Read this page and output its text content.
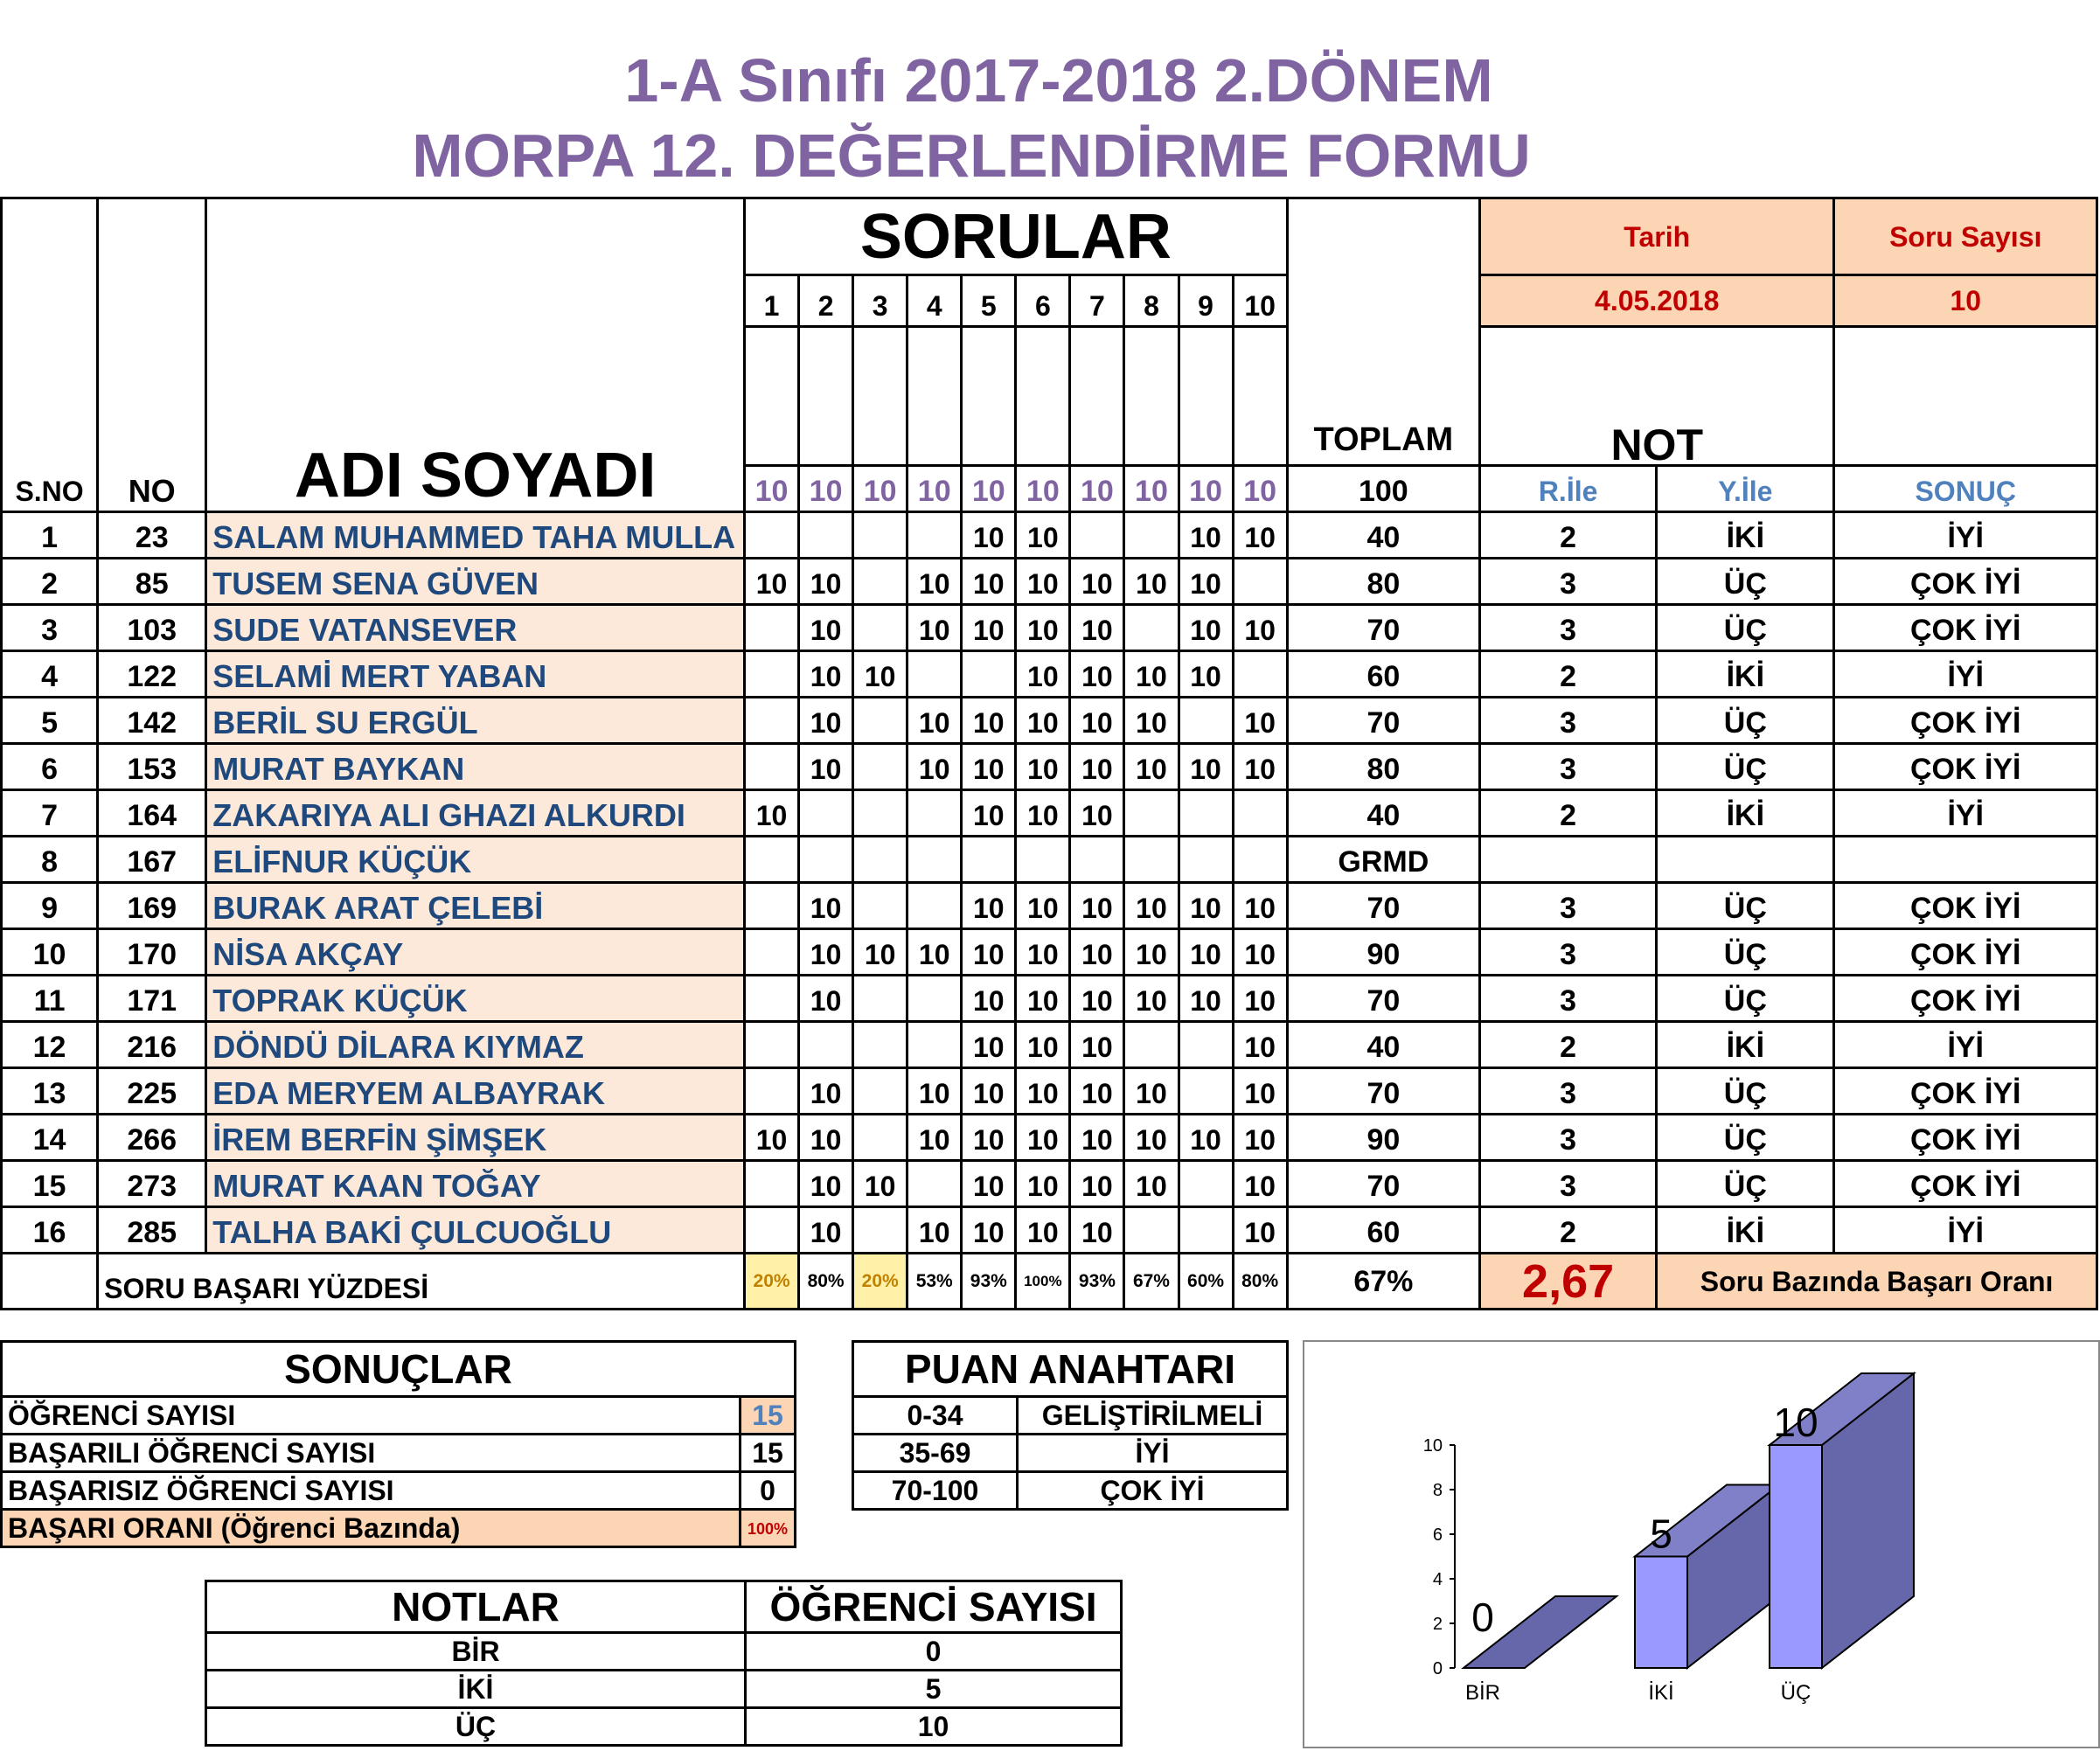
1-A Sınıfı 2017-2018 2.DÖNEM
MORPA 12. DEĞERLENDİRME FORMU
S.NO	NO	ADI SOYADI	SORULAR										TOPLAM	Tarih		Soru Sayısı
			1	2	3	4	5	6	7	8	9	10		4.05.2018		10
														NOT		
			10	10	10	10	10	10	10	10	10	10	100	R.İle	Y.İle	SONUÇ
1	23	SALAM MUHAMMED TAHA MULLA					10	10			10	10	40	2	İKİ	İYİ
2	85	TUSEM SENA GÜVEN	10	10		10	10	10	10	10	10		80	3	ÜÇ	ÇOK İYİ
3	103	SUDE VATANSEVER		10		10	10	10	10		10	10	70	3	ÜÇ	ÇOK İYİ
4	122	SELAMİ MERT YABAN		10	10			10	10	10	10		60	2	İKİ	İYİ
5	142	BERİL SU ERGÜL		10		10	10	10	10	10		10	70	3	ÜÇ	ÇOK İYİ
6	153	MURAT BAYKAN		10		10	10	10	10	10	10	10	80	3	ÜÇ	ÇOK İYİ
7	164	ZAKARIYA ALI GHAZI ALKURDI	10				10	10	10				40	2	İKİ	İYİ
8	167	ELİFNUR KÜÇÜK											GRMD			
9	169	BURAK ARAT ÇELEBİ		10			10	10	10	10	10	10	70	3	ÜÇ	ÇOK İYİ
10	170	NİSA AKÇAY		10	10	10	10	10	10	10	10	10	90	3	ÜÇ	ÇOK İYİ
11	171	TOPRAK KÜÇÜK		10			10	10	10	10	10	10	70	3	ÜÇ	ÇOK İYİ
12	216	DÖNDÜ DİLARA KIYMAZ					10	10	10			10	40	2	İKİ	İYİ
13	225	EDA MERYEM ALBAYRAK		10		10	10	10	10	10		10	70	3	ÜÇ	ÇOK İYİ
14	266	İREM BERFİN ŞİMŞEK	10	10		10	10	10	10	10	10	10	90	3	ÜÇ	ÇOK İYİ
15	273	MURAT KAAN TOĞAY		10	10		10	10	10	10		10	70	3	ÜÇ	ÇOK İYİ
16	285	TALHA BAKİ ÇULCUOĞLU		10		10	10	10	10			10	60	2	İKİ	İYİ
	SORU BAŞARI YÜZDESİ		20%	80%	20%	53%	93%	100%	93%	67%	60%	80%	67%	2,67	Soru Bazında Başarı Oranı	
SONUÇLAR	
ÖĞRENCİ SAYISI	15
BAŞARILI ÖĞRENCİ SAYISI	15
BAŞARISIZ ÖĞRENCİ SAYISI	0
BAŞARI ORANI (Öğrenci Bazında)	100%
PUAN ANAHTARI	
0-34	GELİŞTİRİLMELİ
35-69	İYİ
70-100	ÇOK İYİ
NOTLAR	ÖĞRENCİ SAYISI
BİR	0
İKİ	5
ÜÇ	10
0
2
4
6
8
10
0
BİR
5
İKİ
10
ÜÇ
